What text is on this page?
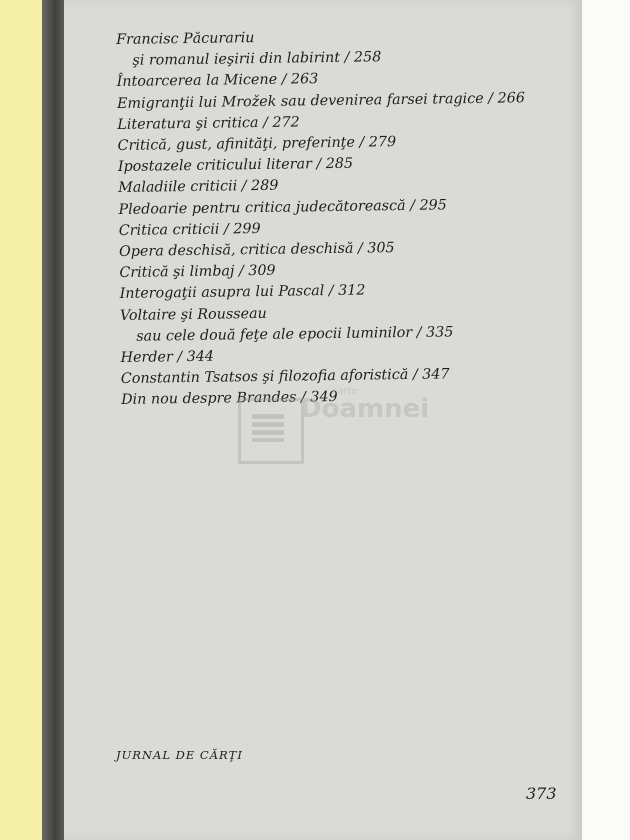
Francisc Păcurariu
şi romanul ieşirii din labirint / 258
Întoarcerea la Micene / 263
Emigranţii lui Mrožek sau devenirea farsei tragice / 266
Literatura şi critica / 272
Critică, gust, afinităţi, preferinţe / 279
Ipostazele criticului literar / 285
Maladiile criticii / 289
Pledoarie pentru critica judecătorească / 295
Critica criticii / 299
Opera deschisă, critica deschisă / 305
Critică şi limbaj / 309
Interogaţii asupra lui Pascal / 312
Voltaire şi Rousseau
sau cele două feţe ale epocii luminilor / 335
Herder / 344
Constantin Tsatsos şi filozofia aforistică / 347
Din nou despre Brandes / 349
carte
Doamnei
JURNAL DE CĂRŢI
373
